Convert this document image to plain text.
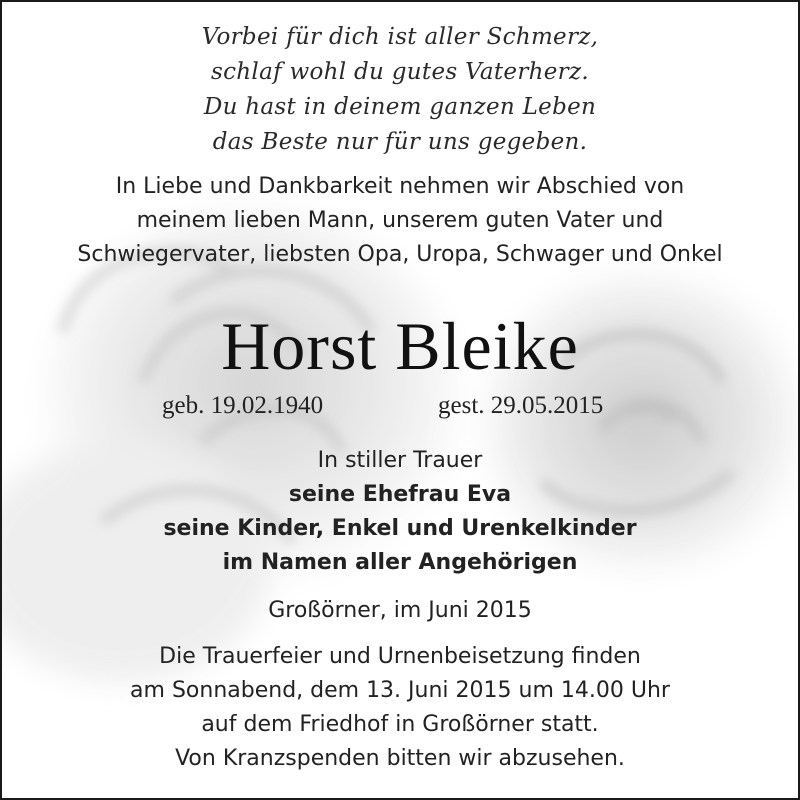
Vorbei für dich ist aller Schmerz,
schlaf wohl du gutes Vaterherz.
Du hast in deinem ganzen Leben
das Beste nur für uns gegeben.
In Liebe und Dankbarkeit nehmen wir Abschied von
meinem lieben Mann, unserem guten Vater und
Schwiegervater, liebsten Opa, Uropa, Schwager und Onkel
Horst Bleike
geb. 19.02.1940	gest. 29.05.2015
In stiller Trauer
seine Ehefrau Eva
seine Kinder, Enkel und Urenkelkinder
im Namen aller Angehörigen
Großörner, im Juni 2015
Die Trauerfeier und Urnenbeisetzung finden
am Sonnabend, dem 13. Juni 2015 um 14.00 Uhr
auf dem Friedhof in Großörner statt.
Von Kranzspenden bitten wir abzusehen.
